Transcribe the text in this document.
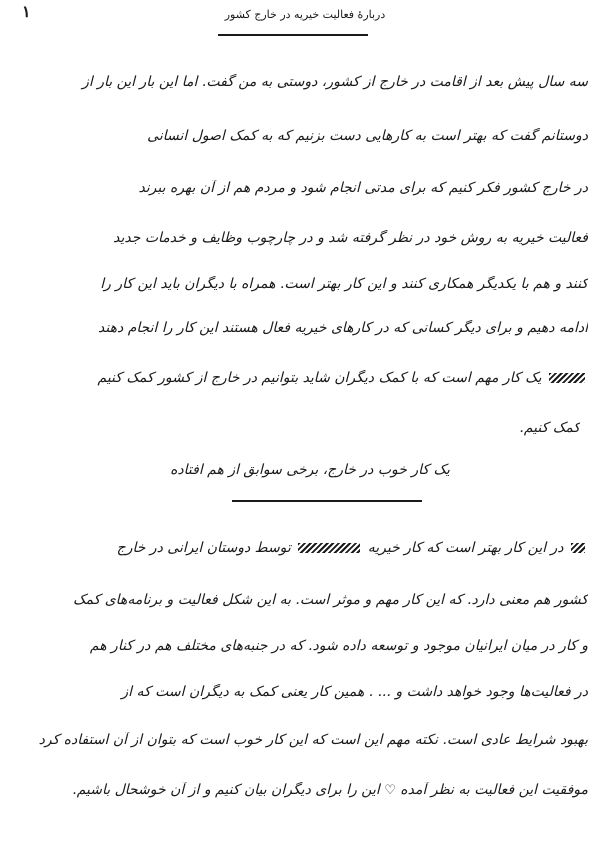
۱	دربارهٔ فعالیت خیریه در خارج کشور
سه سال پیش بعد از اقامت در خارج از کشور، دوستی به من گفت. اما این بار این بار از
دوستانم گفت که بهتر است به کارهایی دست بزنیم که به کمک اصول انسانی
در خارج کشور فکر کنیم که برای مدتی انجام شود و مردم هم از آن بهره ببرند
فعالیت خیریه به روش خود در نظر گرفته شد و در چارچوب وظایف و خدمات جدید
کنند و هم با یکدیگر همکاری کنند و این کار بهتر است. همراه با دیگران باید این کار را
ادامه دهیم و برای دیگر کسانی که در کارهای خیریه فعال هستند این کار را انجام دهند
یک کار مهم است که با کمک دیگران شاید بتوانیم در خارج از کشور کمک کنیم
کمک کنیم.
یک کار خوب در خارج، برخی سوابق از هم افتاده
در این کار بهتر است که کار خیریه  توسط دوستان ایرانی در خارج
کشور هم معنی دارد. که این کار مهم و موثر است. به این شکل فعالیت و برنامه‌های کمک
و کار در میان ایرانیان موجود و توسعه داده شود. که در جنبه‌های مختلف هم در کنار هم
در فعالیت‌ها وجود خواهد داشت و ... . همین کار یعنی کمک به دیگران است که از
بهبود شرایط عادی است. نکته مهم این است که این کار خوب است که بتوان از آن استفاده کرد
موفقیت این فعالیت به نظر آمده ♡ این را برای دیگران بیان کنیم و از آن خوشحال باشیم.
